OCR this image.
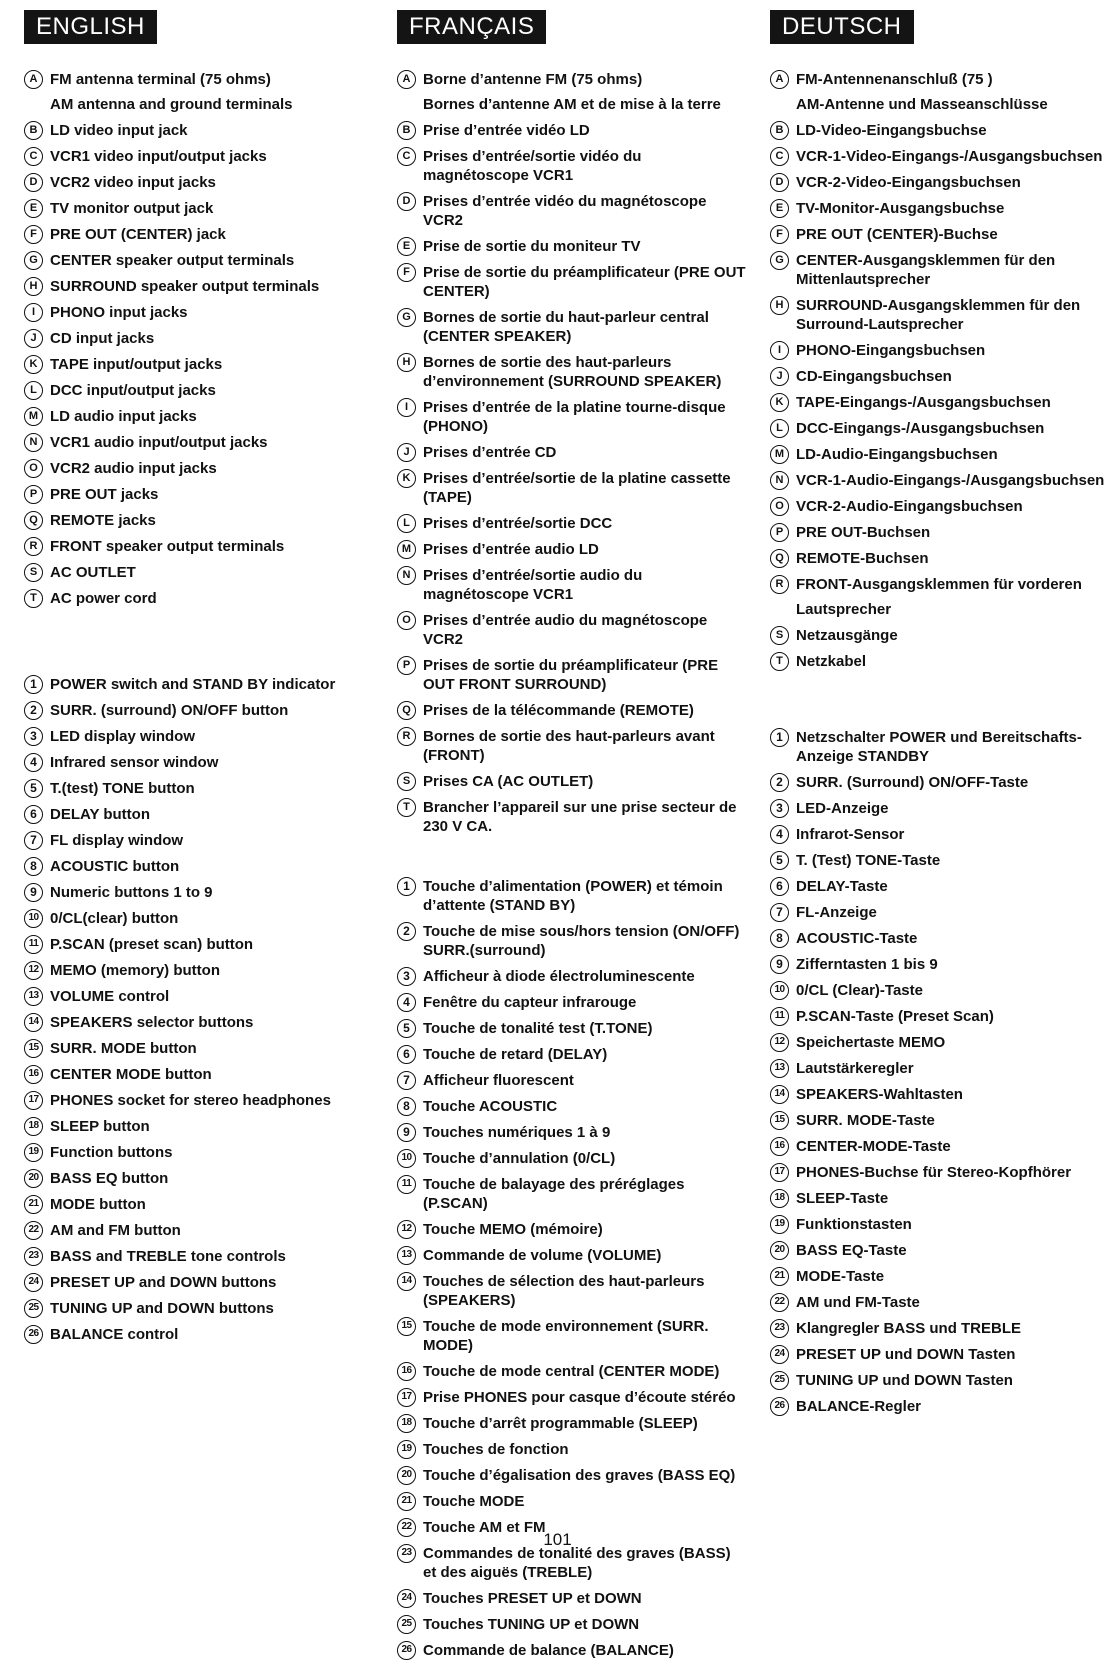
ENGLISH
A FM antenna terminal (75 ohms)
AM antenna and ground terminals
B LD video input jack
C VCR1 video input/output jacks
D VCR2 video input jacks
E TV monitor output jack
F PRE OUT (CENTER) jack
G CENTER speaker output terminals
H SURROUND speaker output terminals
I PHONO input jacks
J CD input jacks
K TAPE input/output jacks
L DCC input/output jacks
M LD audio input jacks
N VCR1 audio input/output jacks
O VCR2 audio input jacks
P PRE OUT jacks
Q REMOTE jacks
R FRONT speaker output terminals
S AC OUTLET
T AC power cord
1 POWER switch and STAND BY indicator
2 SURR. (surround) ON/OFF button
3 LED display window
4 Infrared sensor window
5 T.(test) TONE button
6 DELAY button
7 FL display window
8 ACOUSTIC button
9 Numeric buttons 1 to 9
10 0/CL(clear) button
11 P.SCAN (preset scan) button
12 MEMO (memory) button
13 VOLUME control
14 SPEAKERS selector buttons
15 SURR. MODE button
16 CENTER MODE button
17 PHONES socket for stereo headphones
18 SLEEP button
19 Function buttons
20 BASS EQ button
21 MODE button
22 AM and FM button
23 BASS and TREBLE tone controls
24 PRESET UP and DOWN buttons
25 TUNING UP and DOWN buttons
26 BALANCE control
FRANÇAIS
A Borne d’antenne FM (75 ohms)
Bornes d’antenne AM et de mise à la terre
B Prise d’entrée vidéo LD
C Prises d’entrée/sortie vidéo du magnétoscope VCR1
D Prises d’entrée vidéo du magnétoscope VCR2
E Prise de sortie du moniteur TV
F Prise de sortie du préamplificateur (PRE OUT CENTER)
G Bornes de sortie du haut-parleur central (CENTER SPEAKER)
H Bornes de sortie des haut-parleurs d’environnement (SURROUND SPEAKER)
I Prises d’entrée de la platine tourne-disque (PHONO)
J Prises d’entrée CD
K Prises d’entrée/sortie de la platine cassette (TAPE)
L Prises d’entrée/sortie DCC
M Prises d’entrée audio LD
N Prises d’entrée/sortie audio du magnétoscope VCR1
O Prises d’entrée audio du magnétoscope VCR2
P Prises de sortie du préamplificateur (PRE OUT FRONT SURROUND)
Q Prises de la télécommande (REMOTE)
R Bornes de sortie des haut-parleurs avant (FRONT)
S Prises CA (AC OUTLET)
T Brancher l’appareil sur une prise secteur de 230 V CA.
1 Touche d’alimentation (POWER) et témoin d’attente (STAND BY)
2 Touche de mise sous/hors tension (ON/OFF) SURR.(surround)
3 Afficheur à diode électroluminescente
4 Fenêtre du capteur infrarouge
5 Touche de tonalité test (T.TONE)
6 Touche de retard (DELAY)
7 Afficheur fluorescent
8 Touche ACOUSTIC
9 Touches numériques 1 à 9
10 Touche d’annulation (0/CL)
11 Touche de balayage des préréglages (P.SCAN)
12 Touche MEMO (mémoire)
13 Commande de volume (VOLUME)
14 Touches de sélection des haut-parleurs (SPEAKERS)
15 Touche de mode environnement (SURR. MODE)
16 Touche de mode central (CENTER MODE)
17 Prise PHONES pour casque d’écoute stéréo
18 Touche d’arrêt programmable (SLEEP)
19 Touches de fonction
20 Touche d’égalisation des graves (BASS EQ)
21 Touche MODE
22 Touche AM et FM
23 Commandes de tonalité des graves (BASS) et des aiguës (TREBLE)
24 Touches PRESET UP et DOWN
25 Touches TUNING UP et DOWN
26 Commande de balance (BALANCE)
DEUTSCH
A FM-Antennenanschluß (75 )
AM-Antenne und Masseanschlüsse
B LD-Video-Eingangsbuchse
C VCR-1-Video-Eingangs-/Ausgangsbuchsen
D VCR-2-Video-Eingangsbuchsen
E TV-Monitor-Ausgangsbuchse
F PRE OUT (CENTER)-Buchse
G CENTER-Ausgangsklemmen für den Mittenlautsprecher
H SURROUND-Ausgangsklemmen für den Surround-Lautsprecher
I PHONO-Eingangsbuchsen
J CD-Eingangsbuchsen
K TAPE-Eingangs-/Ausgangsbuchsen
L DCC-Eingangs-/Ausgangsbuchsen
M LD-Audio-Eingangsbuchsen
N VCR-1-Audio-Eingangs-/Ausgangsbuchsen
O VCR-2-Audio-Eingangsbuchsen
P PRE OUT-Buchsen
Q REMOTE-Buchsen
R FRONT-Ausgangsklemmen für vorderen
Lautsprecher
S Netzausgänge
T Netzkabel
1 Netzschalter POWER und Bereitschafts-Anzeige STANDBY
2 SURR. (Surround) ON/OFF-Taste
3 LED-Anzeige
4 Infrarot-Sensor
5 T. (Test) TONE-Taste
6 DELAY-Taste
7 FL-Anzeige
8 ACOUSTIC-Taste
9 Zifferntasten 1 bis 9
10 0/CL (Clear)-Taste
11 P.SCAN-Taste (Preset Scan)
12 Speichertaste MEMO
13 Lautstärkeregler
14 SPEAKERS-Wahltasten
15 SURR. MODE-Taste
16 CENTER-MODE-Taste
17 PHONES-Buchse für Stereo-Kopfhörer
18 SLEEP-Taste
19 Funktionstasten
20 BASS EQ-Taste
21 MODE-Taste
22 AM und FM-Taste
23 Klangregler BASS und TREBLE
24 PRESET UP und DOWN Tasten
25 TUNING UP und DOWN Tasten
26 BALANCE-Regler
101
